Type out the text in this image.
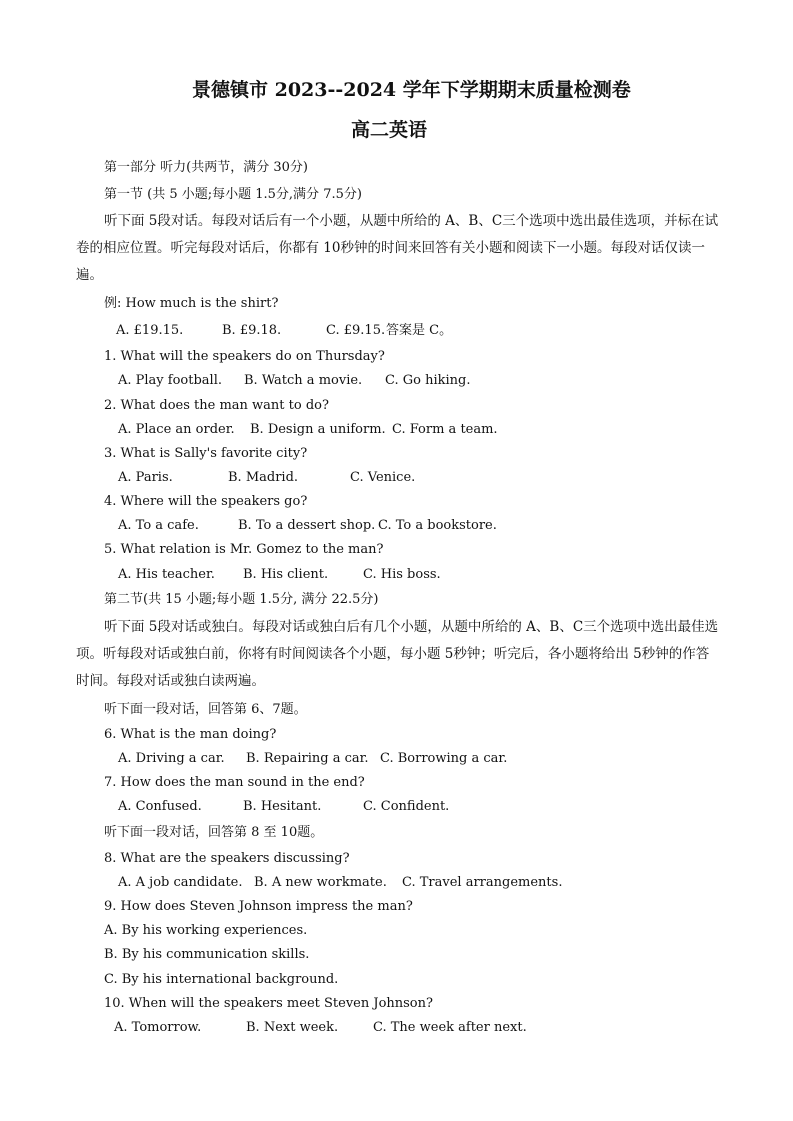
景德镇市 2023--2024 学年下学期期末质量检测卷
高二英语
第一部分 听力(共两节，满分 30分)
第一节 (共 5 小题;每小题 1.5分,满分 7.5分)
听下面 5段对话。每段对话后有一个小题，从题中所给的 A、B、C三个选项中选出最佳选项，并标在试卷的相应位置。听完每段对话后，你都有 10秒钟的时间来回答有关小题和阅读下一小题。每段对话仅读一遍。
例: How much is the shirt?
A. £19.15.	B. £9.18.	C. £9.15. 答案是 C。
1. What will the speakers do on Thursday?
A. Play football. B. Watch a movie. C. Go hiking.
2. What does the man want to do?
A. Place an order. B. Design a uniform. C. Form a team.
3. What is Sally's favorite city?
A. Paris.	B. Madrid.	C. Venice.
4. Where will the speakers go?
A. To a cafe.	B. To a dessert shop. C. To a bookstore.
5. What relation is Mr. Gomez to the man?
A. His teacher. B. His client.	C. His boss.
第二节(共 15 小题;每小题 1.5分, 满分 22.5分)
听下面 5段对话或独白。每段对话或独白后有几个小题，从题中所给的 A、B、C三个选项中选出最佳选项。听每段对话或独白前，你将有时间阅读各个小题，每小题 5秒钟；听完后，各小题将给出 5秒钟的作答时间。每段对话或独白读两遍。
听下面一段对话，回答第 6、7题。
6. What is the man doing?
A. Driving a car. B. Repairing a car. C. Borrowing a car.
7. How does the man sound in the end?
A. Confused.	B. Hesitant.	C. Confident.
听下面一段对话，回答第 8 至 10题。
8. What are the speakers discussing?
A. A job candidate. B. A new workmate. C. Travel arrangements.
9. How does Steven Johnson impress the man?
A. By his working experiences.
B. By his communication skills.
C. By his international background.
10. When will the speakers meet Steven Johnson?
A. Tomorrow.	B. Next week.	C. The week after next.
